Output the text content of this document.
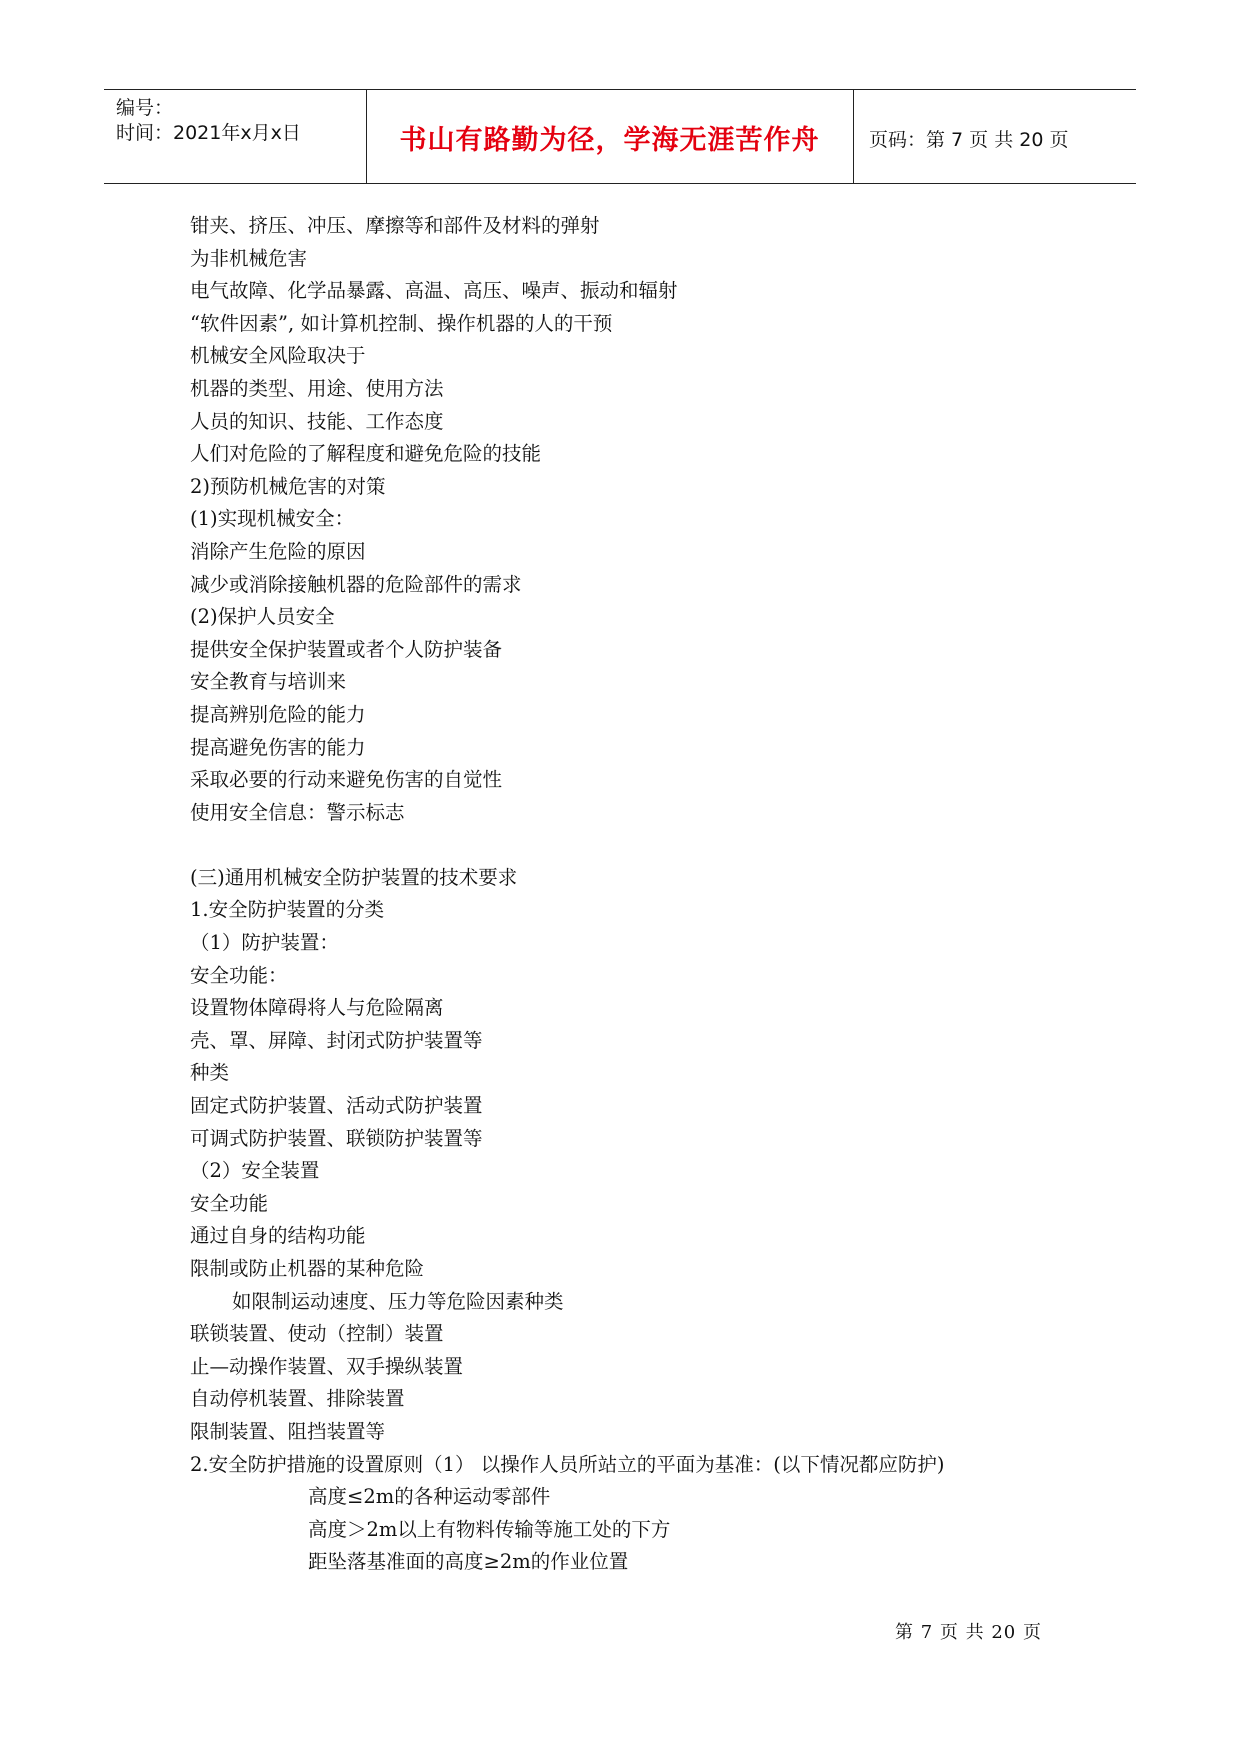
编号：
时间：2021年x月x日	书山有路勤为径，学海无涯苦作舟	页码：第 7 页 共 20 页
钳夹、挤压、冲压、摩擦等和部件及材料的弹射
为非机械危害
电气故障、化学品暴露、高温、高压、噪声、振动和辐射
“软件因素”, 如计算机控制、操作机器的人的干预
机械安全风险取决于
机器的类型、用途、使用方法
人员的知识、技能、工作态度
人们对危险的了解程度和避免危险的技能
2)预防机械危害的对策
(1)实现机械安全：
消除产生危险的原因
减少或消除接触机器的危险部件的需求
(2)保护人员安全
提供安全保护装置或者个人防护装备
安全教育与培训来
提高辨别危险的能力
提高避免伤害的能力
采取必要的行动来避免伤害的自觉性
使用安全信息：警示标志
(三)通用机械安全防护装置的技术要求
1.安全防护装置的分类
（1）防护装置：
安全功能：
设置物体障碍将人与危险隔离
壳、罩、屏障、封闭式防护装置等
种类
固定式防护装置、活动式防护装置
可调式防护装置、联锁防护装置等
（2）安全装置
安全功能
通过自身的结构功能
限制或防止机器的某种危险
如限制运动速度、压力等危险因素种类
联锁装置、使动（控制）装置
止—动操作装置、双手操纵装置
自动停机装置、排除装置
限制装置、阻挡装置等
2.安全防护措施的设置原则（1） 以操作人员所站立的平面为基准：(以下情况都应防护)
高度≤2m的各种运动零部件
高度＞2m以上有物料传输等施工处的下方
距坠落基准面的高度≥2m的作业位置
第 7 页 共 20 页
